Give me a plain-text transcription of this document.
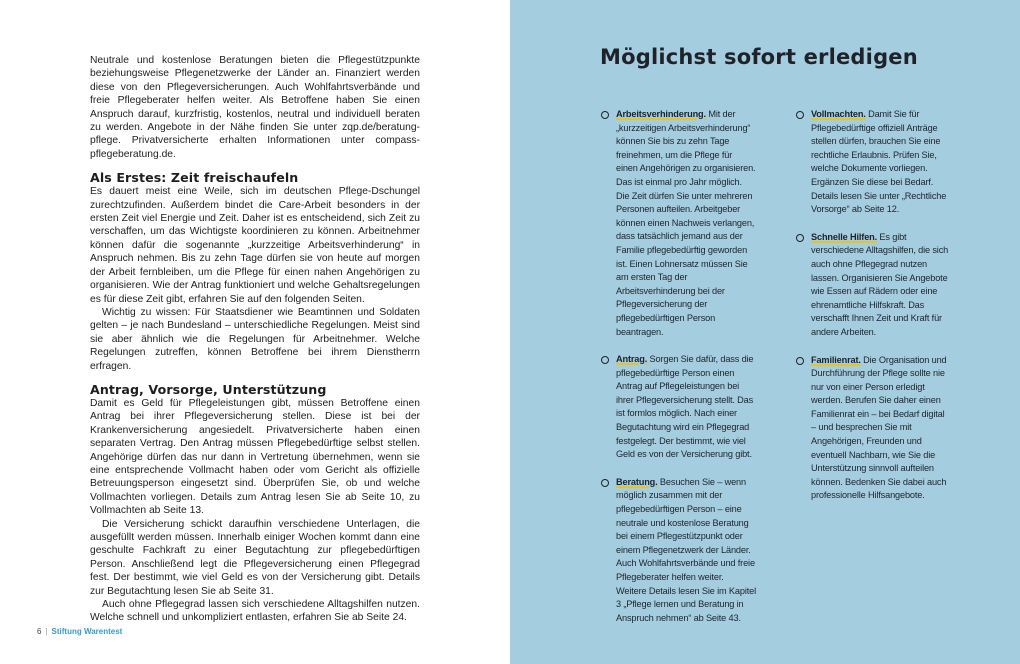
Neutrale und kostenlose Beratungen bieten die Pflegestützpunkte beziehungsweise Pflegenetzwerke der Länder an. Finanziert werden diese von den Pflegeversicherungen. Auch Wohlfahrtsverbände und freie Pflegeberater helfen weiter. Als Betroffene haben Sie einen Anspruch darauf, kurzfristig, kostenlos, neutral und individuell beraten zu werden. Angebote in der Nähe finden Sie unter zqp.de/beratung-pflege. Privatversicherte erhalten Informationen unter compass-pflegeberatung.de.

Als Erstes: Zeit freischaufeln

Es dauert meist eine Weile, sich im deutschen Pflege-Dschungel zurechtzufinden. Außerdem bindet die Care-Arbeit besonders in der ersten Zeit viel Energie und Zeit. Daher ist es entscheidend, sich Zeit zu verschaffen, um das Wichtigste koordinieren zu können. Arbeitnehmer können dafür die sogenannte „kurzzeitige Arbeitsverhinderung“ in Anspruch nehmen. Bis zu zehn Tage dürfen sie von heute auf morgen der Arbeit fernbleiben, um die Pflege für einen nahen Angehörigen zu organisieren. Wie der Antrag funktioniert und welche Gehaltsregelungen es für diese Zeit gibt, erfahren Sie auf den folgenden Seiten.

Wichtig zu wissen: Für Staatsdiener wie Beamtinnen und Soldaten gelten – je nach Bundesland – unterschiedliche Regelungen. Meist sind sie aber ähnlich wie die Regelungen für Arbeitnehmer. Welche Regelungen zutreffen, können Betroffene bei ihrem Dienstherrn erfragen.

Antrag, Vorsorge, Unterstützung

Damit es Geld für Pflegeleistungen gibt, müssen Betroffene einen Antrag bei ihrer Pflegeversicherung stellen. Diese ist bei der Krankenversicherung angesiedelt. Privatversicherte haben einen separaten Vertrag. Den Antrag müssen Pflegebedürftige selbst stellen. Angehörige dürfen das nur dann in Vertretung übernehmen, wenn sie eine entsprechende Vollmacht haben oder vom Gericht als offizielle Betreuungsperson eingesetzt sind. Überprüfen Sie, ob und welche Vollmachten vorliegen. Details zum Antrag lesen Sie ab Seite 10, zu Vollmachten ab Seite 13.

Die Versicherung schickt daraufhin verschiedene Unterlagen, die ausgefüllt werden müssen. Innerhalb einiger Wochen kommt dann eine geschulte Fachkraft zu einer Begutachtung zur pflegebedürftigen Person. Anschließend legt die Pflegeversicherung einen Pflegegrad fest. Der bestimmt, wie viel Geld es von der Versicherung gibt. Details zur Begutachtung lesen Sie ab Seite 31.

Auch ohne Pflegegrad lassen sich verschiedene Alltagshilfen nutzen. Welche schnell und unkompliziert entlasten, erfahren Sie ab Seite 24.

6 | Stiftung Warentest
Möglichst sofort erledigen
Arbeitsverhinderung. Mit der „kurzzeitigen Arbeitsverhinderung“ können Sie bis zu zehn Tage freinehmen, um die Pflege für einen Angehörigen zu organisieren. Das ist einmal pro Jahr möglich. Die Zeit dürfen Sie unter mehreren Personen aufteilen. Arbeitgeber können einen Nachweis verlangen, dass tatsächlich jemand aus der Familie pflegebedürftig geworden ist. Einen Lohnersatz müssen Sie am ersten Tag der Arbeitsverhinderung bei der Pflegeversicherung der pflegebedürftigen Person beantragen.
Antrag. Sorgen Sie dafür, dass die pflegebedürftige Person einen Antrag auf Pflegeleistungen bei ihrer Pflegeversicherung stellt. Das ist formlos möglich. Nach einer Begutachtung wird ein Pflegegrad festgelegt. Der bestimmt, wie viel Geld es von der Versicherung gibt.
Beratung. Besuchen Sie – wenn möglich zusammen mit der pflegebedürftigen Person – eine neutrale und kostenlose Beratung bei einem Pflegestützpunkt oder einem Pflegenetzwerk der Länder. Auch Wohlfahrtsverbände und freie Pflegeberater helfen weiter. Weitere Details lesen Sie im Kapitel 3 „Pflege lernen und Beratung in Anspruch nehmen“ ab Seite 43.
Vollmachten. Damit Sie für Pflegebedürftige offiziell Anträge stellen dürfen, brauchen Sie eine rechtliche Erlaubnis. Prüfen Sie, welche Dokumente vorliegen. Ergänzen Sie diese bei Bedarf. Details lesen Sie unter „Rechtliche Vorsorge“ ab Seite 12.
Schnelle Hilfen. Es gibt verschiedene Alltagshilfen, die sich auch ohne Pflegegrad nutzen lassen. Organisieren Sie Angebote wie Essen auf Rädern oder eine ehrenamtliche Hilfskraft. Das verschafft Ihnen Zeit und Kraft für andere Arbeiten.
Familienrat. Die Organisation und Durchführung der Pflege sollte nie nur von einer Person erledigt werden. Berufen Sie daher einen Familienrat ein – bei Bedarf digital – und besprechen Sie mit Angehörigen, Freunden und eventuell Nachbarn, wie Sie die Unterstützung sinnvoll aufteilen können. Bedenken Sie dabei auch professionelle Hilfsangebote.
